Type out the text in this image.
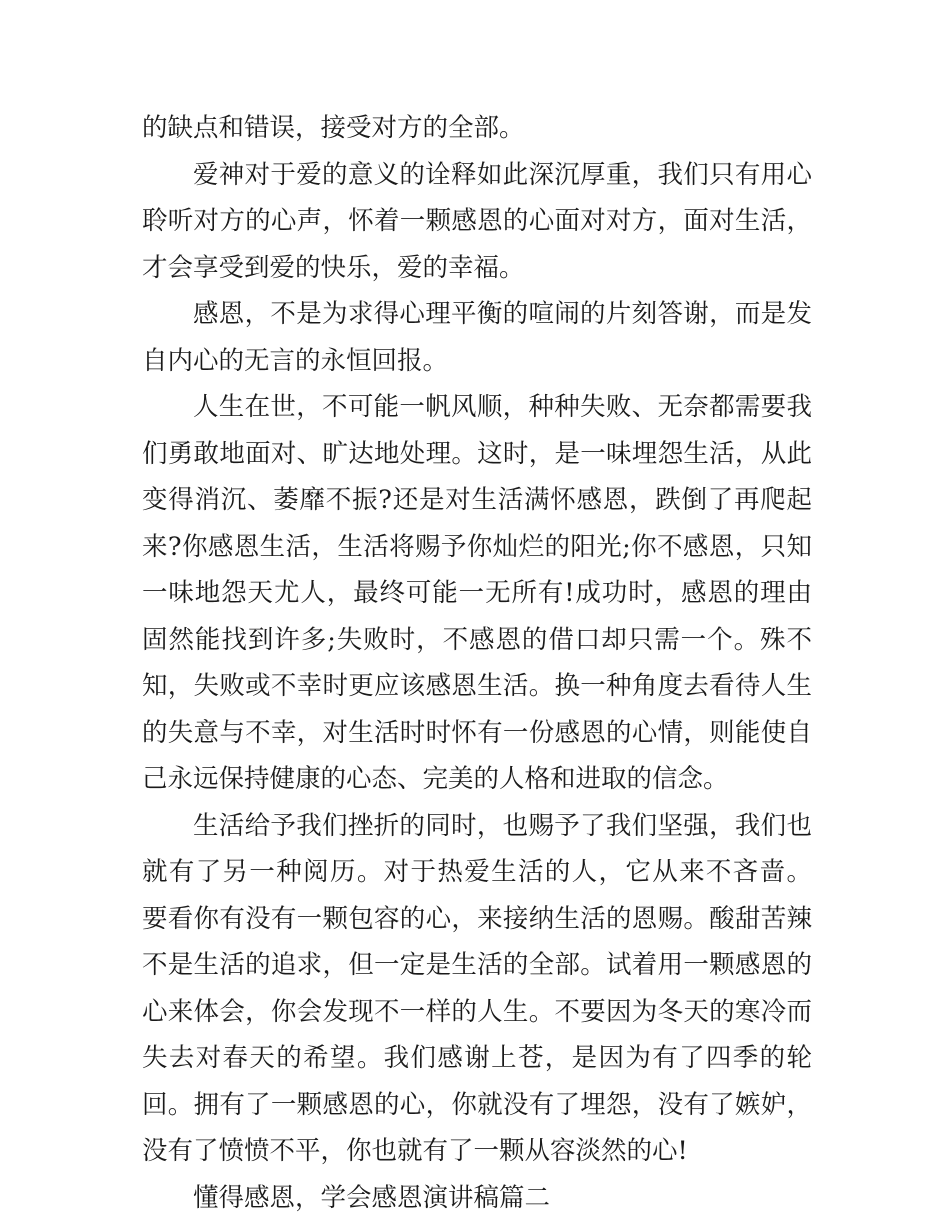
的缺点和错误，接受对方的全部。

爱神对于爱的意义的诠释如此深沉厚重，我们只有用心聆听对方的心声，怀着一颗感恩的心面对对方，面对生活，才会享受到爱的快乐，爱的幸福。

感恩，不是为求得心理平衡的喧闹的片刻答谢，而是发自内心的无言的永恒回报。

人生在世，不可能一帆风顺，种种失败、无奈都需要我们勇敢地面对、旷达地处理。这时，是一味埋怨生活，从此变得消沉、萎靡不振?还是对生活满怀感恩，跌倒了再爬起来?你感恩生活，生活将赐予你灿烂的阳光;你不感恩，只知一味地怨天尤人，最终可能一无所有!成功时，感恩的理由固然能找到许多;失败时，不感恩的借口却只需一个。殊不知，失败或不幸时更应该感恩生活。换一种角度去看待人生的失意与不幸，对生活时时怀有一份感恩的心情，则能使自己永远保持健康的心态、完美的人格和进取的信念。

生活给予我们挫折的同时，也赐予了我们坚强，我们也就有了另一种阅历。对于热爱生活的人，它从来不吝啬。 要看你有没有一颗包容的心，来接纳生活的恩赐。酸甜苦辣不是生活的追求，但一定是生活的全部。试着用一颗感恩的心来体会，你会发现不一样的人生。不要因为冬天的寒冷而失去对春天的希望。我们感谢上苍，是因为有了四季的轮回。拥有了一颗感恩的心，你就没有了埋怨，没有了嫉妒，没有了愤愤不平，你也就有了一颗从容淡然的心!

懂得感恩，学会感恩演讲稿篇二
